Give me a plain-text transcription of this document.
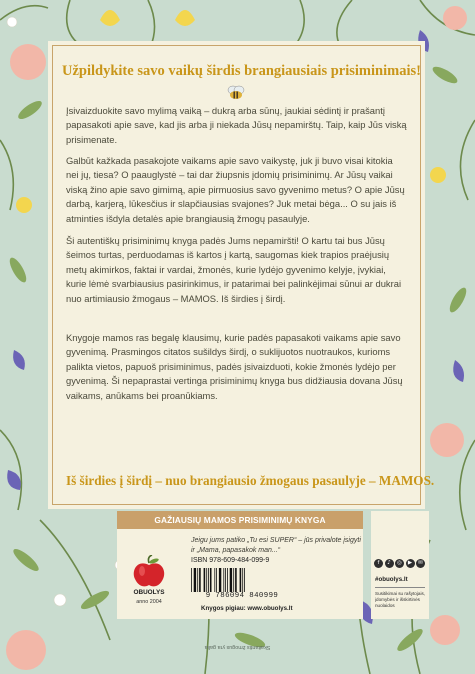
Užpildykite savo vaikų širdis brangiausiais prisiminimais!

Įsivaizduokite savo mylimą vaiką – dukrą arba sūnų, jaukiai sėdintį ir prašantį papasakoti apie save, kad jis arba ji niekada Jūsų nepamirštų. Taip, kaip Jūs viską prisimenate.

Galbūt kažkada pasakojote vaikams apie savo vaikystę, juk ji buvo visai kitokia nei jų, tiesa? O paauglystė – tai dar žiupsnis įdomių prisiminimų. Ar Jūsų vaikai viską žino apie savo gimimą, apie pirmuosius savo gyvenimo metus? O apie Jūsų darbą, karjerą, lūkesčius ir slapčiausias svajones? Juk metai bėga... O su jais iš atminties išdyla detalės apie brangiausią žmogų pasaulyje.

Ši autentiškų prisiminimų knyga padės Jums nepamiršti! O kartu tai bus Jūsų šeimos turtas, perduodamas iš kartos į kartą, saugomas kiek trapios praėjusių metų akimirkos, faktai ir vardai, žmonės, kurie lydėjo gyvenimo kelyje, įvykiai, kurie lėmė svarbiausius pasirinkimus, ir patarimai bei palinkėjimai sūnui ar dukrai nuo artimiausio žmogaus – MAMOS. Iš širdies į širdį.

Knygoje mamos ras begalę klausimų, kurie padės papasakoti vaikams apie savo gyvenimą. Prasmingos citatos sušildys širdį, o suklijuotos nuotraukos, kurioms palikta vietos, papuoš prisiminimus, padės įsivaizduoti, kokie žmonės lydėjo per gyvenimą. Ši nepaprastai vertinga prisiminimų knyga bus didžiausia dovana Jūsų vaikams, anūkams bei proanūkiams.

Iš širdies į širdį – nuo brangiausio žmogaus pasaulyje – MAMOS.
GAŽIAUSIŲ MAMOS PRISIMINIMŲ KNYGA
Jeigu jums patiko „Tu esi SUPER“ – jūs privalote įsigyti ir „Mama, papasakok man...“
OBUOLYS
anno 2004
ISBN 978-609-484-099-9
9 786094 840999
Knygos pigiau: www.obuolys.lt
f	♪	◎	▶	✉
#obuolys.lt
Susitikimai su rašytojais, įdomybės ir išskirtinės nuolaidos
Skaitantis žmogus yra galia
